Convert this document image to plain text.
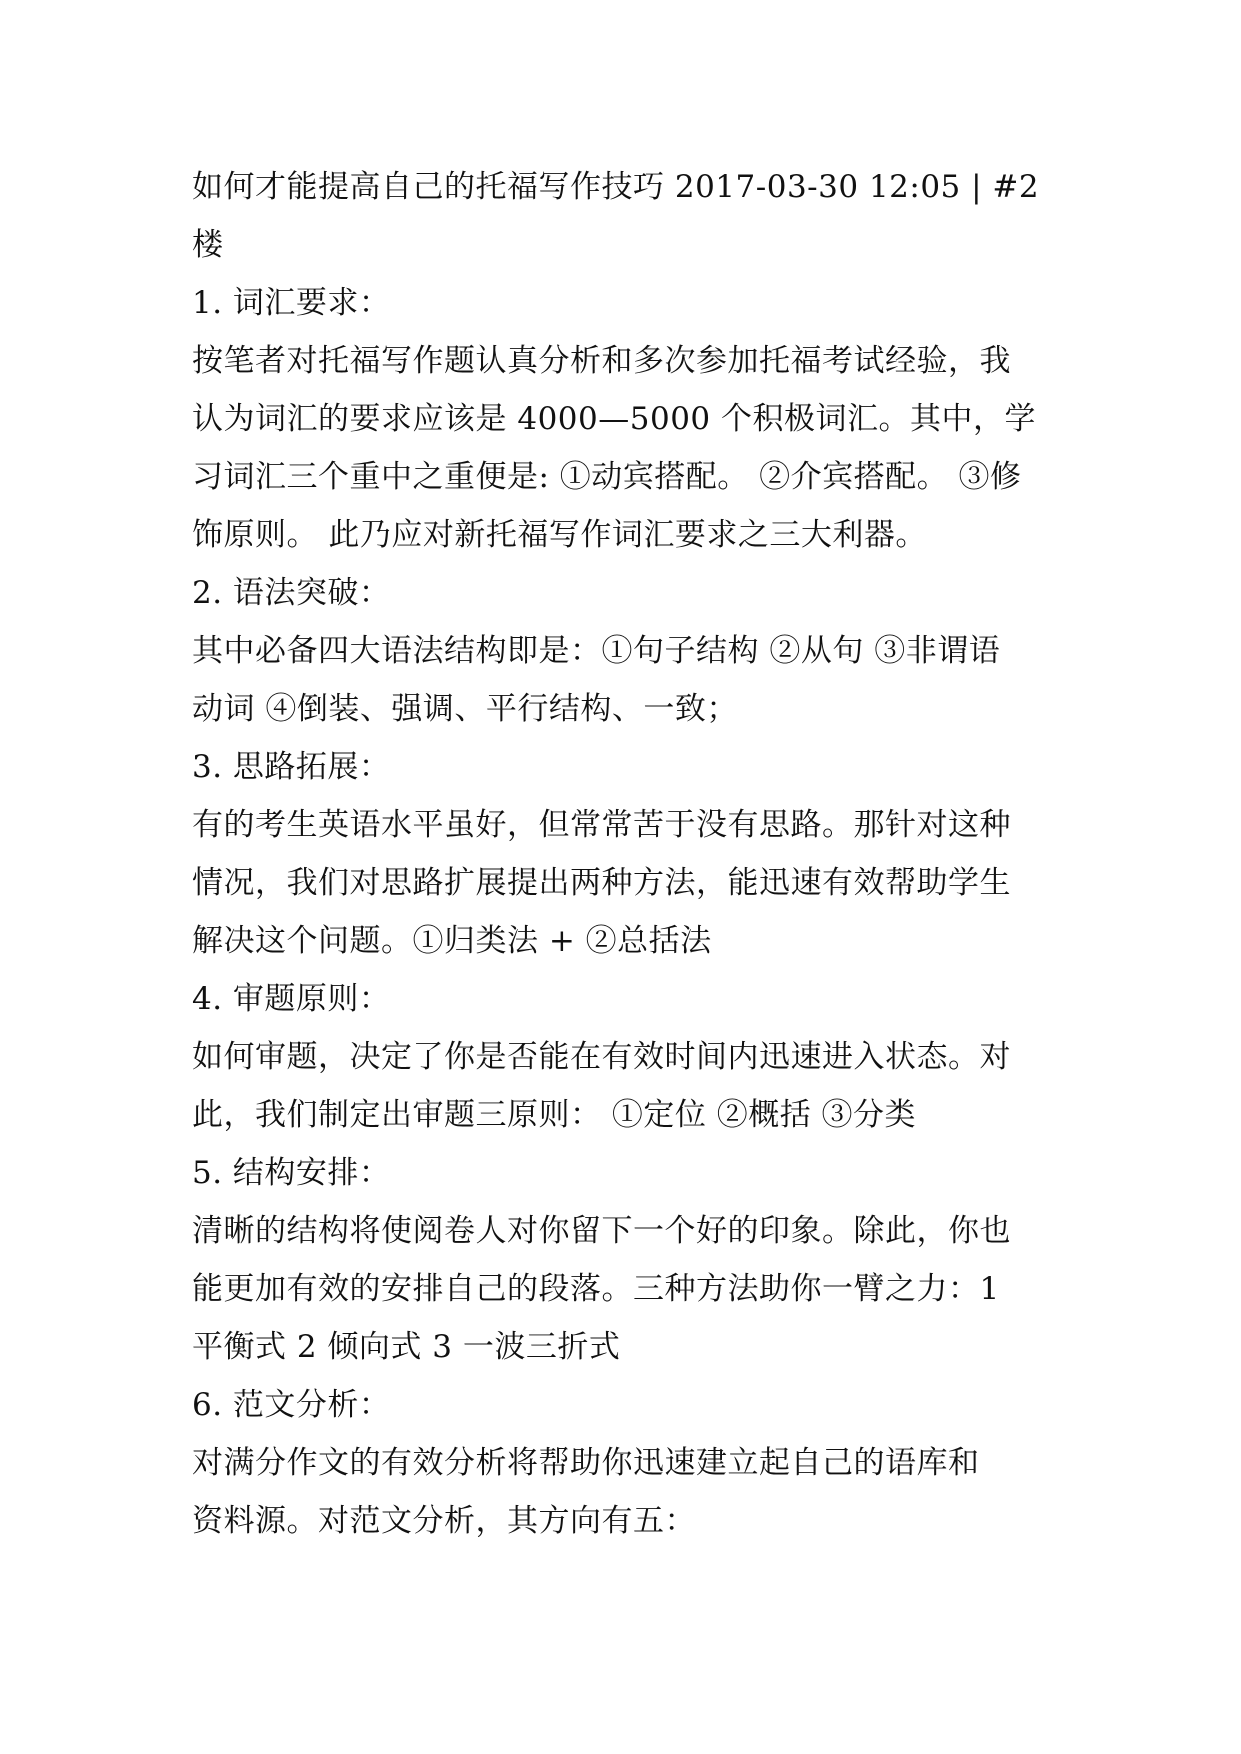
如何才能提高自己的托福写作技巧 2017-03-30 12:05 | #2
楼
1. 词汇要求：
按笔者对托福写作题认真分析和多次参加托福考试经验，我
认为词汇的要求应该是 4000—5000 个积极词汇。其中，学
习词汇三个重中之重便是: ①动宾搭配。 ②介宾搭配。 ③修
饰原则。 此乃应对新托福写作词汇要求之三大利器。
2. 语法突破：
其中必备四大语法结构即是：①句子结构 ②从句 ③非谓语
动词 ④倒装、强调、平行结构、一致；
3. 思路拓展：
有的考生英语水平虽好，但常常苦于没有思路。那针对这种
情况，我们对思路扩展提出两种方法，能迅速有效帮助学生
解决这个问题。①归类法 + ②总括法
4. 审题原则：
如何审题，决定了你是否能在有效时间内迅速进入状态。对
此，我们制定出审题三原则： ①定位 ②概括 ③分类
5. 结构安排：
清晰的结构将使阅卷人对你留下一个好的印象。除此，你也
能更加有效的安排自己的段落。三种方法助你一臂之力：1
平衡式 2 倾向式 3 一波三折式
6. 范文分析：
对满分作文的有效分析将帮助你迅速建立起自己的语库和
资料源。对范文分析，其方向有五：
